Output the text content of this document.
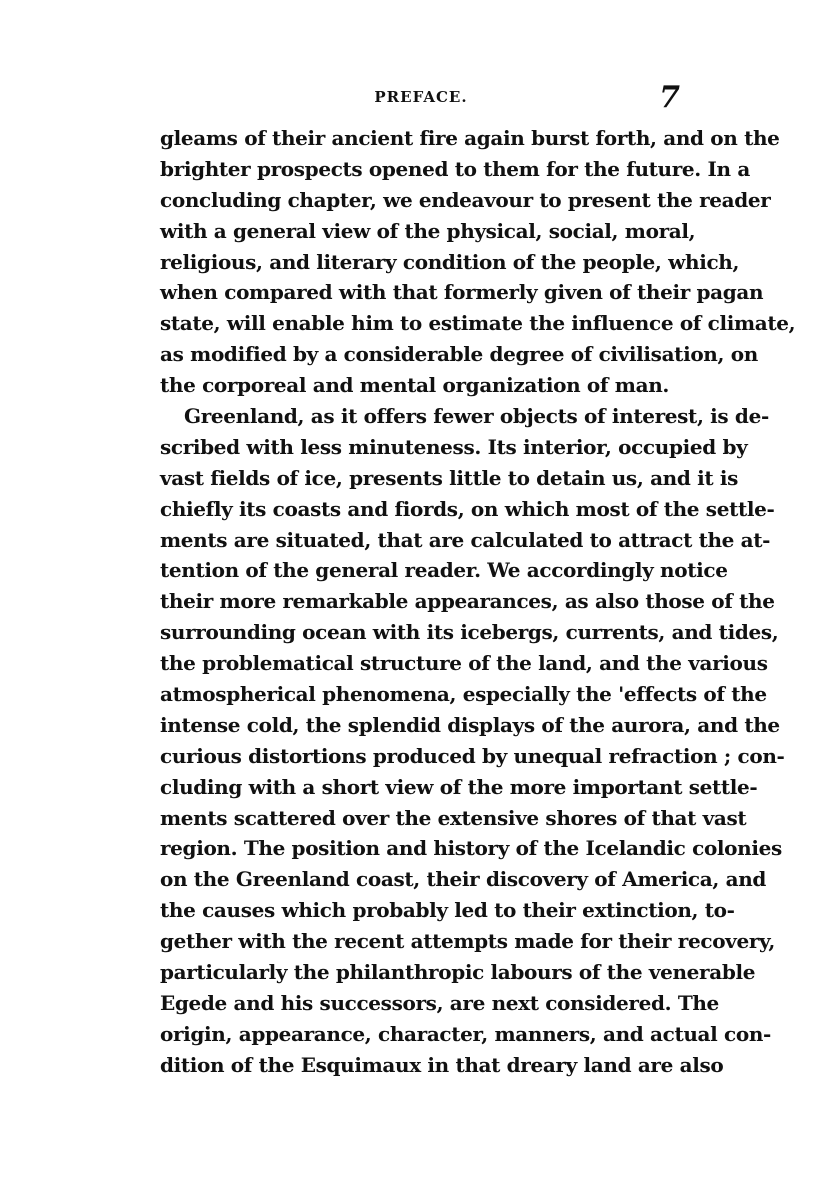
PREFACE.	7
gleams of their ancient fire again burst forth, and on the
brighter prospects opened to them for the future. In a
concluding chapter, we endeavour to present the reader
with a general view of the physical, social, moral,
religious, and literary condition of the people, which,
when compared with that formerly given of their pagan
state, will enable him to estimate the influence of climate,
as modified by a considerable degree of civilisation, on
the corporeal and mental organization of man.
Greenland, as it offers fewer objects of interest, is de-
scribed with less minuteness. Its interior, occupied by
vast fields of ice, presents little to detain us, and it is
chiefly its coasts and fiords, on which most of the settle-
ments are situated, that are calculated to attract the at-
tention of the general reader. We accordingly notice
their more remarkable appearances, as also those of the
surrounding ocean with its icebergs, currents, and tides,
the problematical structure of the land, and the various
atmospherical phenomena, especially the 'effects of the
intense cold, the splendid displays of the aurora, and the
curious distortions produced by unequal refraction ; con-
cluding with a short view of the more important settle-
ments scattered over the extensive shores of that vast
region. The position and history of the Icelandic colonies
on the Greenland coast, their discovery of America, and
the causes which probably led to their extinction, to-
gether with the recent attempts made for their recovery,
particularly the philanthropic labours of the venerable
Egede and his successors, are next considered. The
origin, appearance, character, manners, and actual con-
dition of the Esquimaux in that dreary land are also
